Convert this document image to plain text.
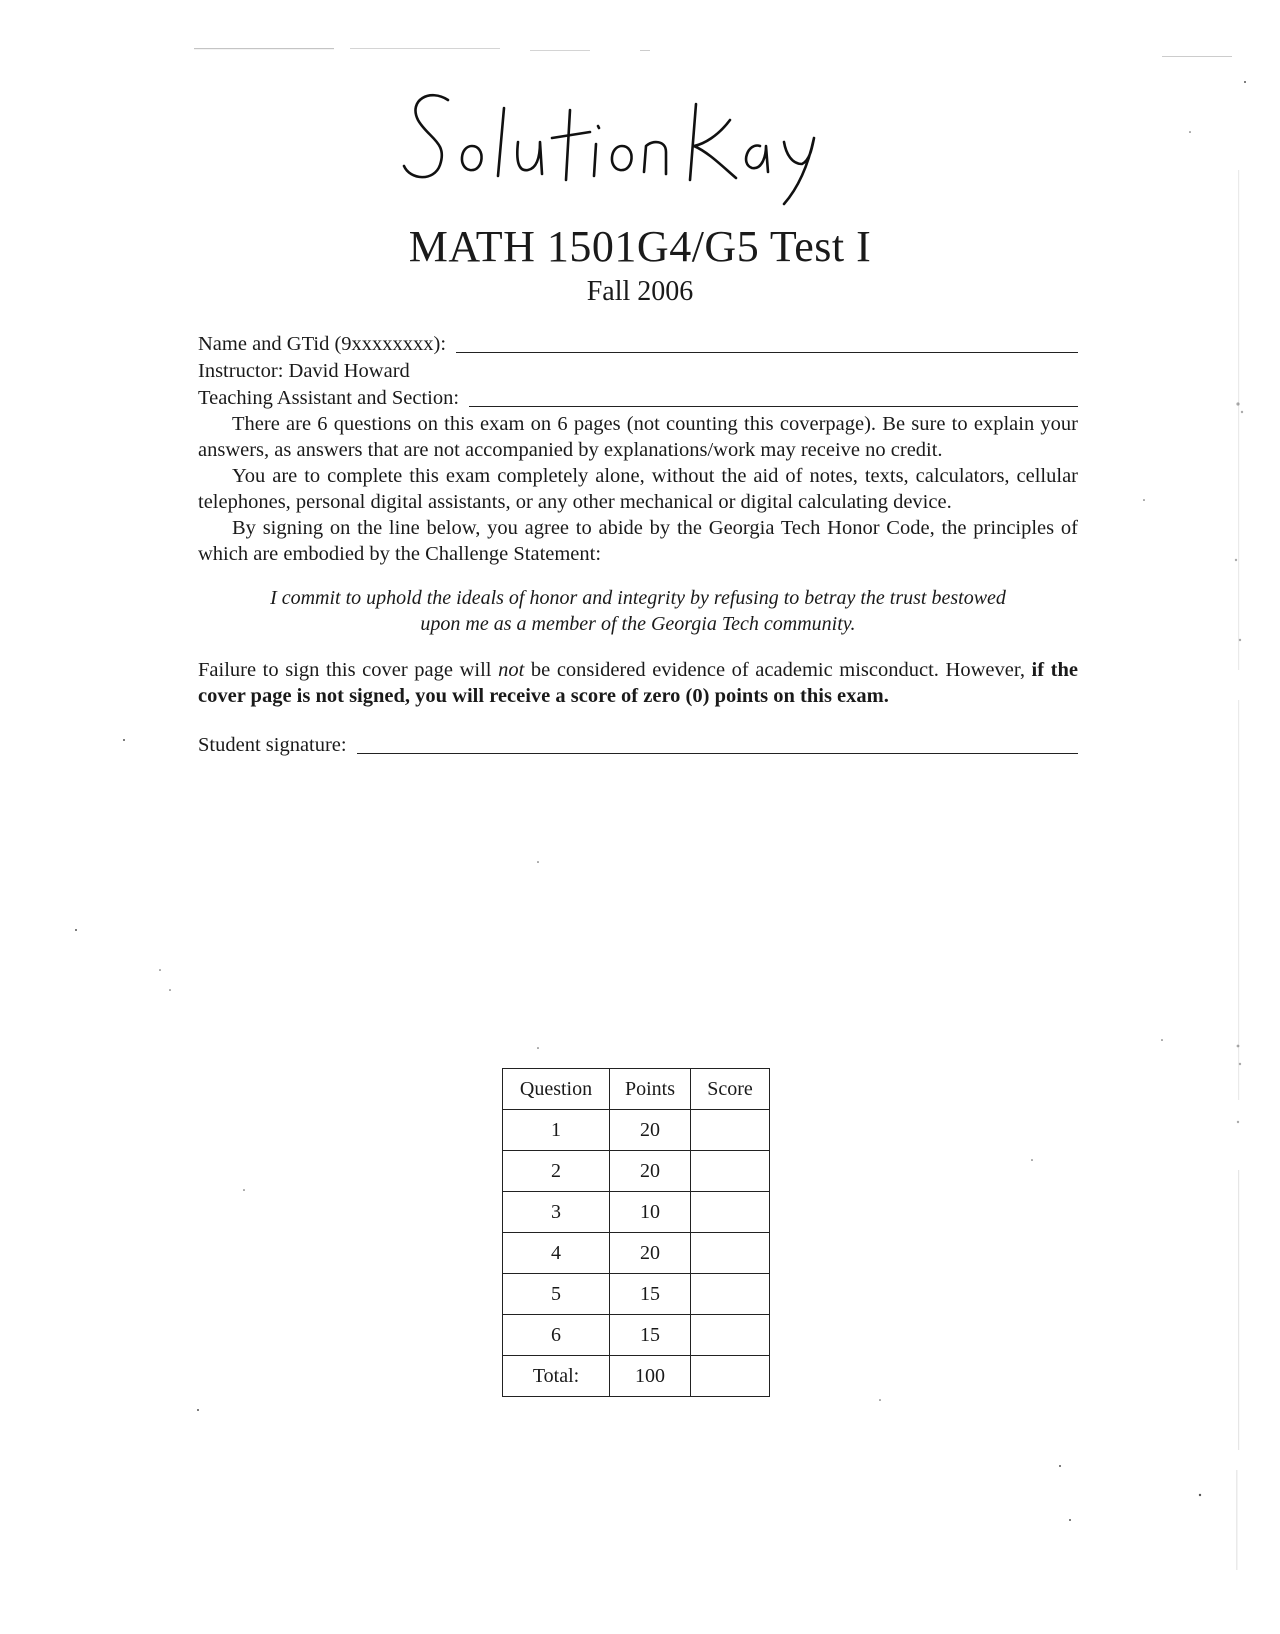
MATH 1501G4/G5 Test I
Fall 2006
Name and GTid (9xxxxxxxx):
Instructor: David Howard
Teaching Assistant and Section:

There are 6 questions on this exam on 6 pages (not counting this coverpage). Be sure to explain your answers, as answers that are not accompanied by explanations/work may receive no credit.

You are to complete this exam completely alone, without the aid of notes, texts, calculators, cellular telephones, personal digital assistants, or any other mechanical or digital calculating device.

By signing on the line below, you agree to abide by the Georgia Tech Honor Code, the principles of which are embodied by the Challenge Statement:

I commit to uphold the ideals of honor and integrity by refusing to betray the trust bestowed
upon me as a member of the Georgia Tech community.

Failure to sign this cover page will not be considered evidence of academic misconduct. However, if the cover page is not signed, you will receive a score of zero (0) points on this exam.

Student signature:
Question	Points	Score
1	20	
2	20	
3	10	
4	20	
5	15	
6	15	
Total:	100	
